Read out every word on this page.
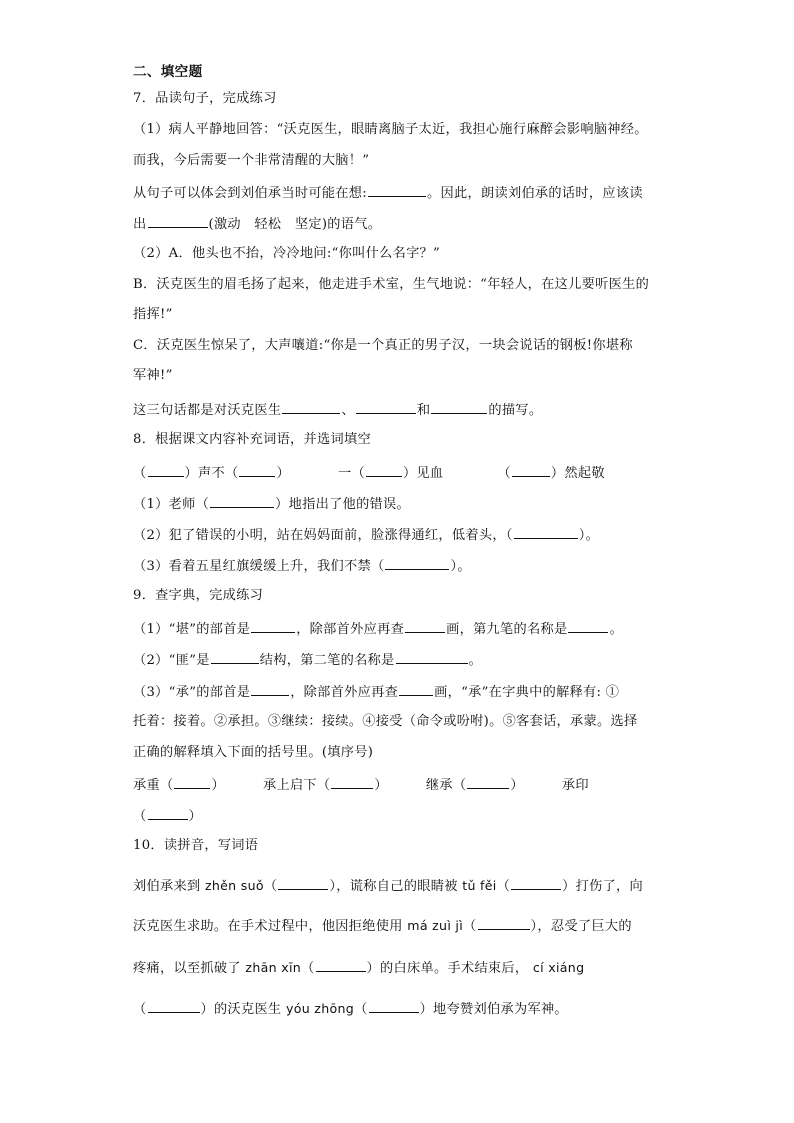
二、填空题
7．品读句子，完成练习
（1）病人平静地回答：“沃克医生，眼睛离脑子太近，我担心施行麻醉会影响脑神经。
而我，今后需要一个非常清醒的大脑！”
从句子可以体会到刘伯承当时可能在想:	。因此，朗读刘伯承的话时，应该读
出	(激动　轻松　坚定)的语气。
（2）A．他头也不抬，冷冷地问:“你叫什么名字？”
B．沃克医生的眉毛扬了起来，他走进手术室，生气地说：“年轻人，在这儿要听医生的
指挥!”
C．沃克医生惊呆了，大声嚷道:“你是一个真正的男子汉，一块会说话的钢板!你堪称
军神!”
这三句话都是对沃克医生	、	和	的描写。
8．根据课文内容补充词语，并选词填空
（	）声不（	）	一（	）见血	（	）然起敬
（1）老师（	）地指出了他的错误。
（2）犯了错误的小明，站在妈妈面前，脸涨得通红，低着头，（	）。
（3）看着五星红旗缓缓上升，我们不禁（	）。
9．查字典，完成练习
（1）“堪”的部首是	，除部首外应再查	画，第九笔的名称是	。
（2）“匪”是	结构，第二笔的名称是	。
（3）“承”的部首是	，除部首外应再查	画，“承”在字典中的解释有: ①
托着：接着。②承担。③继续：接续。④接受（命令或吩咐)。⑤客套话，承蒙。选择
正确的解释填入下面的括号里。(填序号)
承重（	）	承上启下（	）	继承（	）	承印
（	）
10．读拼音，写词语
刘伯承来到 zhěn suǒ（	），谎称自己的眼睛被 tǔ fěi（	）打伤了，向
沃克医生求助。在手术过程中，他因拒绝使用 má zuì jì（	），忍受了巨大的
疼痛，以至抓破了 zhān xīn（	）的白床单。手术结束后， cí xiáng
（	）的沃克医生 yóu zhōng（	）地夸赞刘伯承为军神。
